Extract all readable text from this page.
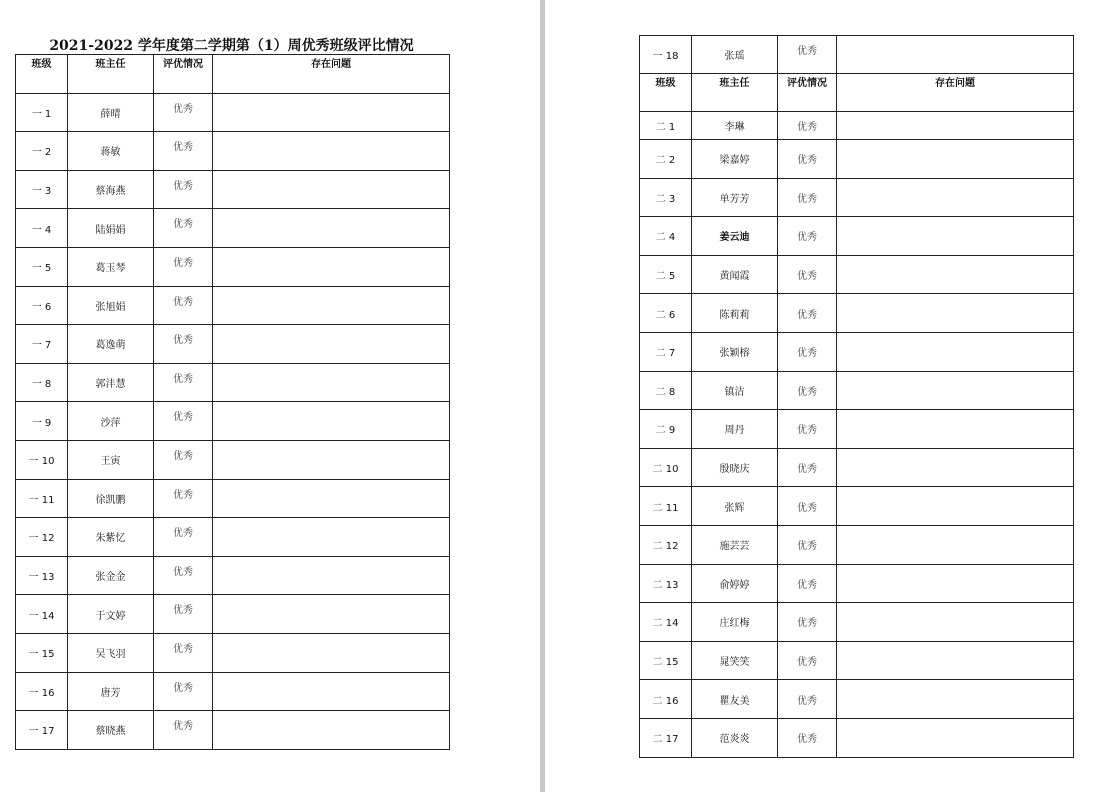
2021-2022 学年度第二学期第（1）周优秀班级评比情况
班级	班主任	评优情况	存在问题
一 1	薛晴	优秀	
一 2	蒋敏	优秀	
一 3	蔡海燕	优秀	
一 4	陆娟娟	优秀	
一 5	葛玉琴	优秀	
一 6	张旭娟	优秀	
一 7	葛逸萌	优秀	
一 8	郭沣慧	优秀	
一 9	沙萍	优秀	
一 10	王寅	优秀	
一 11	徐凯鹏	优秀	
一 12	朱紫忆	优秀	
一 13	张金金	优秀	
一 14	于文婷	优秀	
一 15	吴飞羽	优秀	
一 16	唐芳	优秀	
一 17	蔡晓燕	优秀	
一 18	张瑶	优秀	
班级	班主任	评优情况	存在问题
二 1	李琳	优秀	
二 2	梁嘉婷	优秀	
二 3	单芳芳	优秀	
二 4	姜云迪	优秀	
二 5	黄闻霞	优秀	
二 6	陈莉莉	优秀	
二 7	张颖榕	优秀	
二 8	镇洁	优秀	
二 9	周丹	优秀	
二 10	殷晓庆	优秀	
二 11	张辉	优秀	
二 12	施芸芸	优秀	
二 13	俞婷婷	优秀	
二 14	庄红梅	优秀	
二 15	晁笑笑	优秀	
二 16	瞿友美	优秀	
二 17	范炎炎	优秀	
